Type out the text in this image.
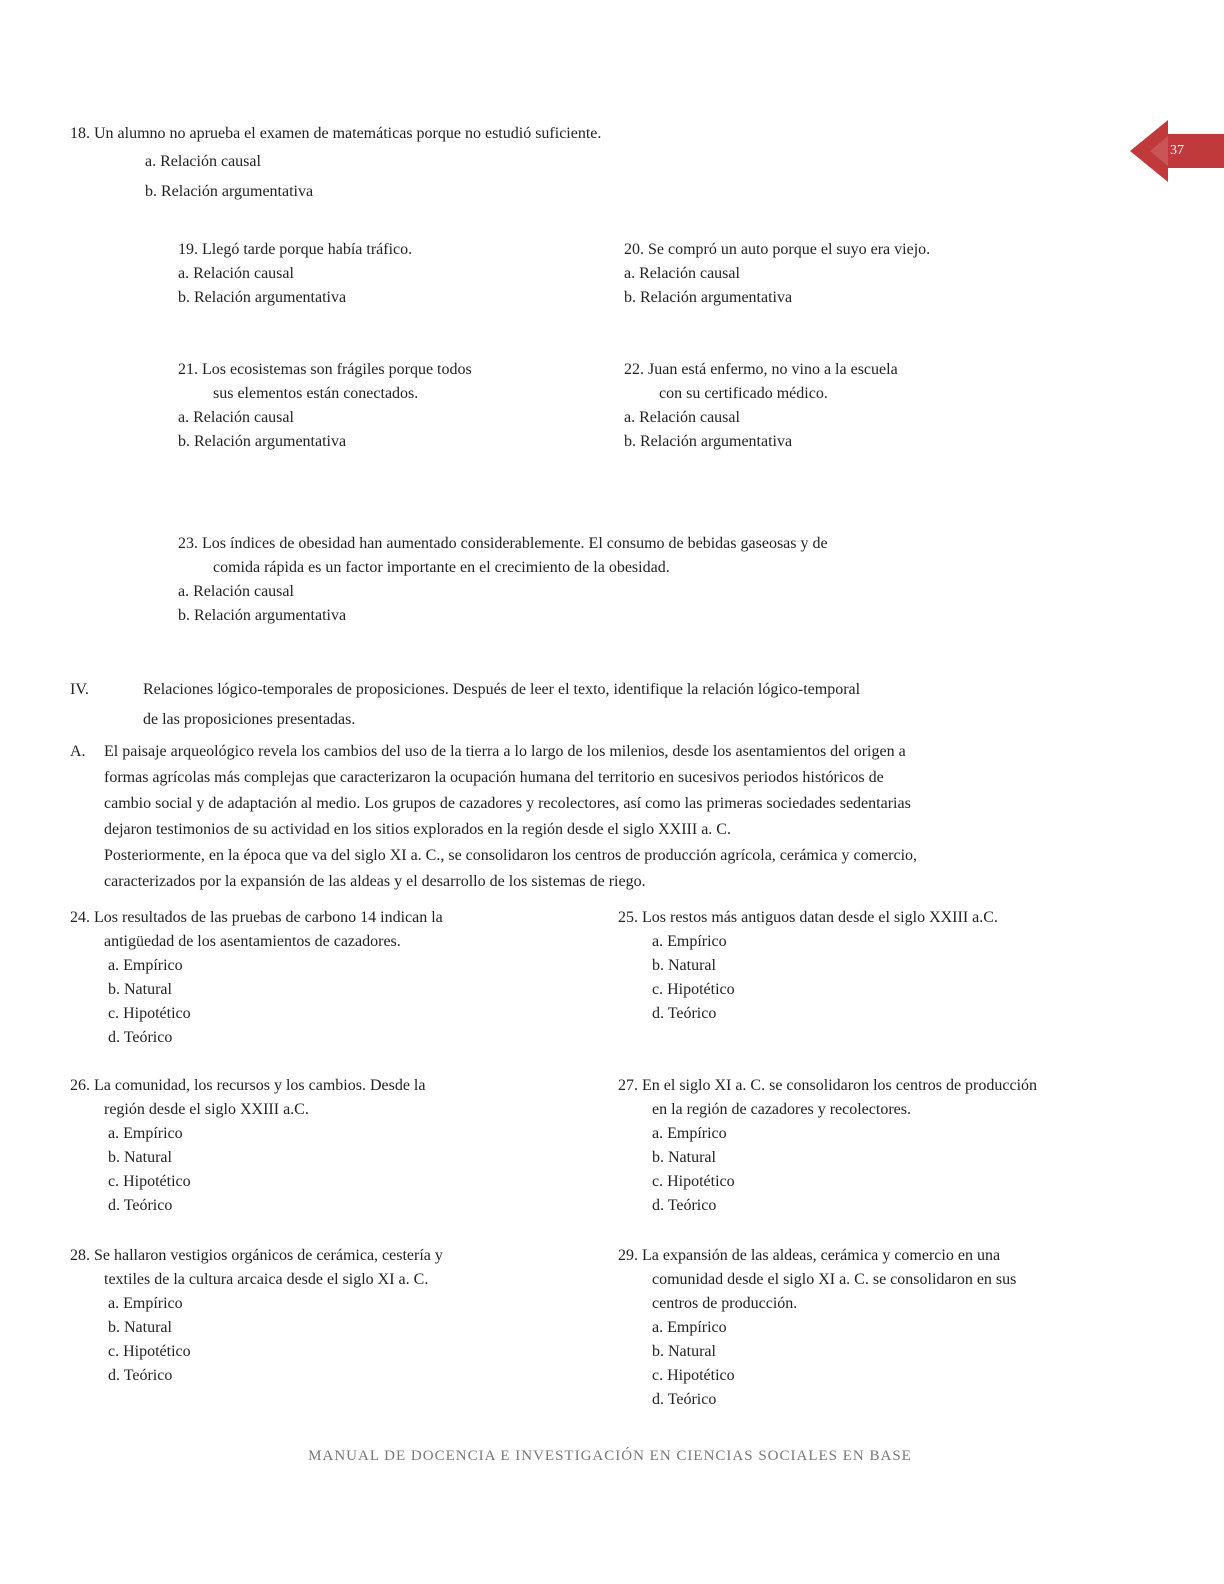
37
18. Un alumno no aprueba el examen de matemáticas porque no estudió suficiente.
a. Relación causal
b. Relación argumentativa
19. Llegó tarde porque había tráfico.
a. Relación causal
b. Relación argumentativa
20. Se compró un auto porque el suyo era viejo.
a. Relación causal
b. Relación argumentativa
21. Los ecosistemas son frágiles porque todos
sus elementos están conectados.
a. Relación causal
b. Relación argumentativa
22. Juan está enfermo, no vino a la escuela
con su certificado médico.
a. Relación causal
b. Relación argumentativa
23. Los índices de obesidad han aumentado considerablemente. El consumo de bebidas gaseosas y de
comida rápida es un factor importante en el crecimiento de la obesidad.
a. Relación causal
b. Relación argumentativa
IV.	Relaciones lógico-temporales de proposiciones. Después de leer el texto, identifique la relación lógico-temporal
de las proposiciones presentadas.
A. El paisaje arqueológico revela los cambios del uso de la tierra a lo largo de los milenios, desde los asentamientos del origen a
formas agrícolas más complejas que caracterizaron la ocupación humana del territorio en sucesivos periodos históricos de
cambio social y de adaptación al medio. Los grupos de cazadores y recolectores, así como las primeras sociedades sedentarias
dejaron testimonios de su actividad en los sitios explorados en la región desde el siglo XXIII a. C.
Posteriormente, en la época que va del siglo XI a. C., se consolidaron los centros de producción agrícola, cerámica y comercio,
caracterizados por la expansión de las aldeas y el desarrollo de los sistemas de riego.
24. Los resultados de las pruebas de carbono 14 indican la
antigüedad de los asentamientos de cazadores.
a. Empírico
b. Natural
c. Hipotético
d. Teórico
25. Los restos más antiguos datan desde el siglo XXIII a.C.
a. Empírico
b. Natural
c. Hipotético
d. Teórico
26. La comunidad, los recursos y los cambios. Desde la
región desde el siglo XXIII a.C.
a. Empírico
b. Natural
c. Hipotético
d. Teórico
27. En el siglo XI a. C. se consolidaron los centros de producción
en la región de cazadores y recolectores.
a. Empírico
b. Natural
c. Hipotético
d. Teórico
28. Se hallaron vestigios orgánicos de cerámica, cestería y
textiles de la cultura arcaica desde el siglo XI a. C.
a. Empírico
b. Natural
c. Hipotético
d. Teórico
29. La expansión de las aldeas, cerámica y comercio en una
comunidad desde el siglo XI a. C. se consolidaron en sus
centros de producción.
a. Empírico
b. Natural
c. Hipotético
d. Teórico
MANUAL DE DOCENCIA E INVESTIGACIÓN EN CIENCIAS SOCIALES EN BASE
